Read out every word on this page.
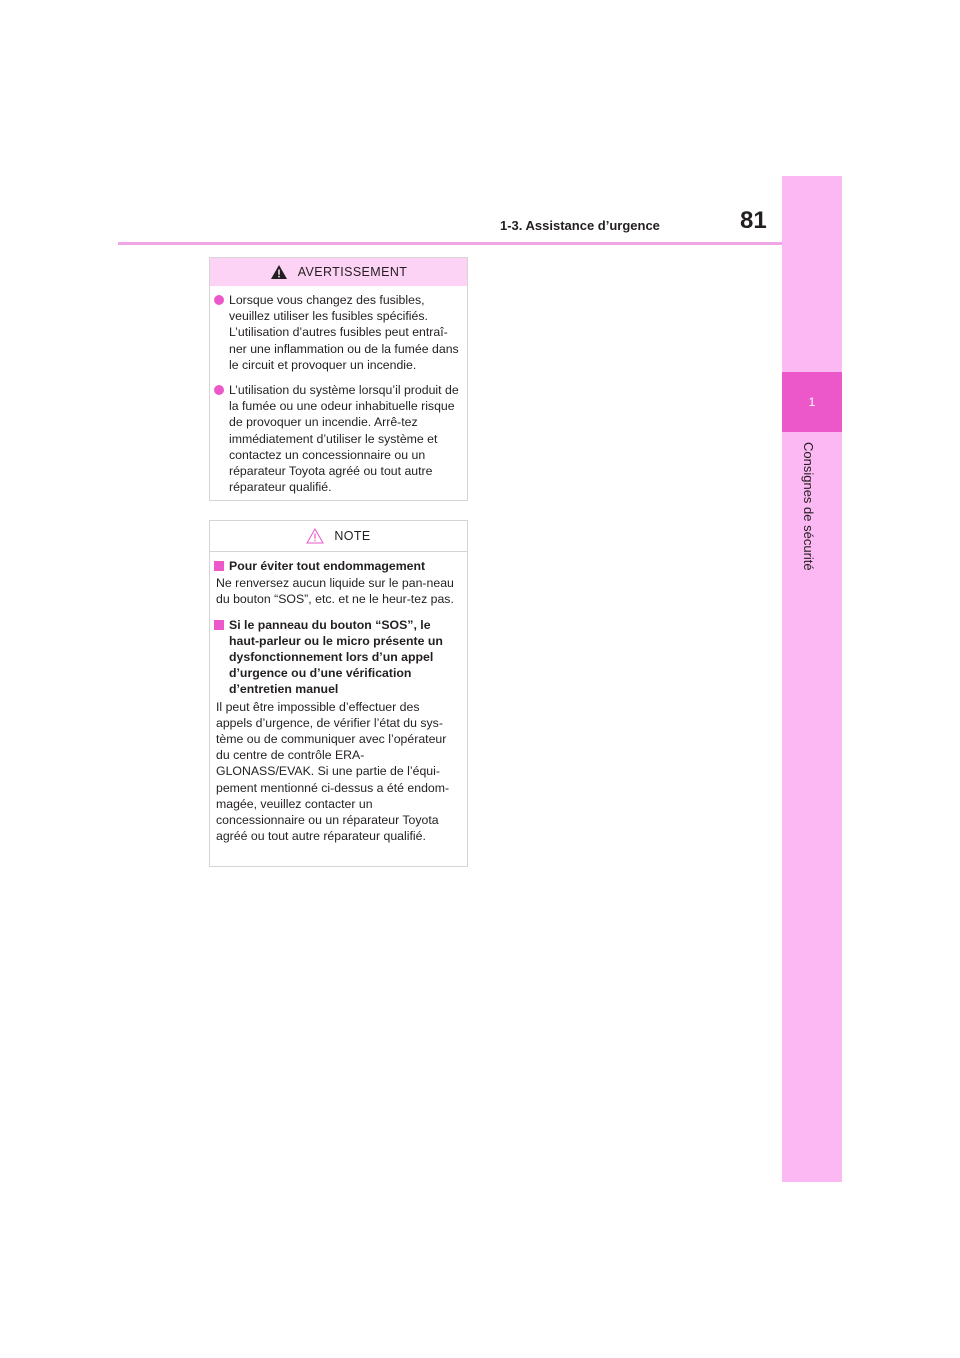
1
Consignes de sécurité
1-3. Assistance d’urgence	81
AVERTISSEMENT
Lorsque vous changez des fusibles, veuillez utiliser les fusibles spécifiés. L’utilisation d’autres fusibles peut entraî-ner une inflammation ou de la fumée dans le circuit et provoquer un incendie.
L’utilisation du système lorsqu’il produit de la fumée ou une odeur inhabituelle risque de provoquer un incendie. Arrê-tez immédiatement d’utiliser le système et contactez un concessionnaire ou un réparateur Toyota agréé ou tout autre réparateur qualifié.
NOTE
Pour éviter tout endommagement

Ne renversez aucun liquide sur le pan-neau du bouton “SOS”, etc. et ne le heur-tez pas.

Si le panneau du bouton “SOS”, le haut-parleur ou le micro présente un dysfonctionnement lors d’un appel d’urgence ou d’une vérification d’entretien manuel

Il peut être impossible d’effectuer des appels d’urgence, de vérifier l’état du sys-tème ou de communiquer avec l’opérateur du centre de contrôle ERA-GLONASS/EVAK. Si une partie de l’équi-pement mentionné ci-dessus a été endom-magée, veuillez contacter un concessionnaire ou un réparateur Toyota agréé ou tout autre réparateur qualifié.
